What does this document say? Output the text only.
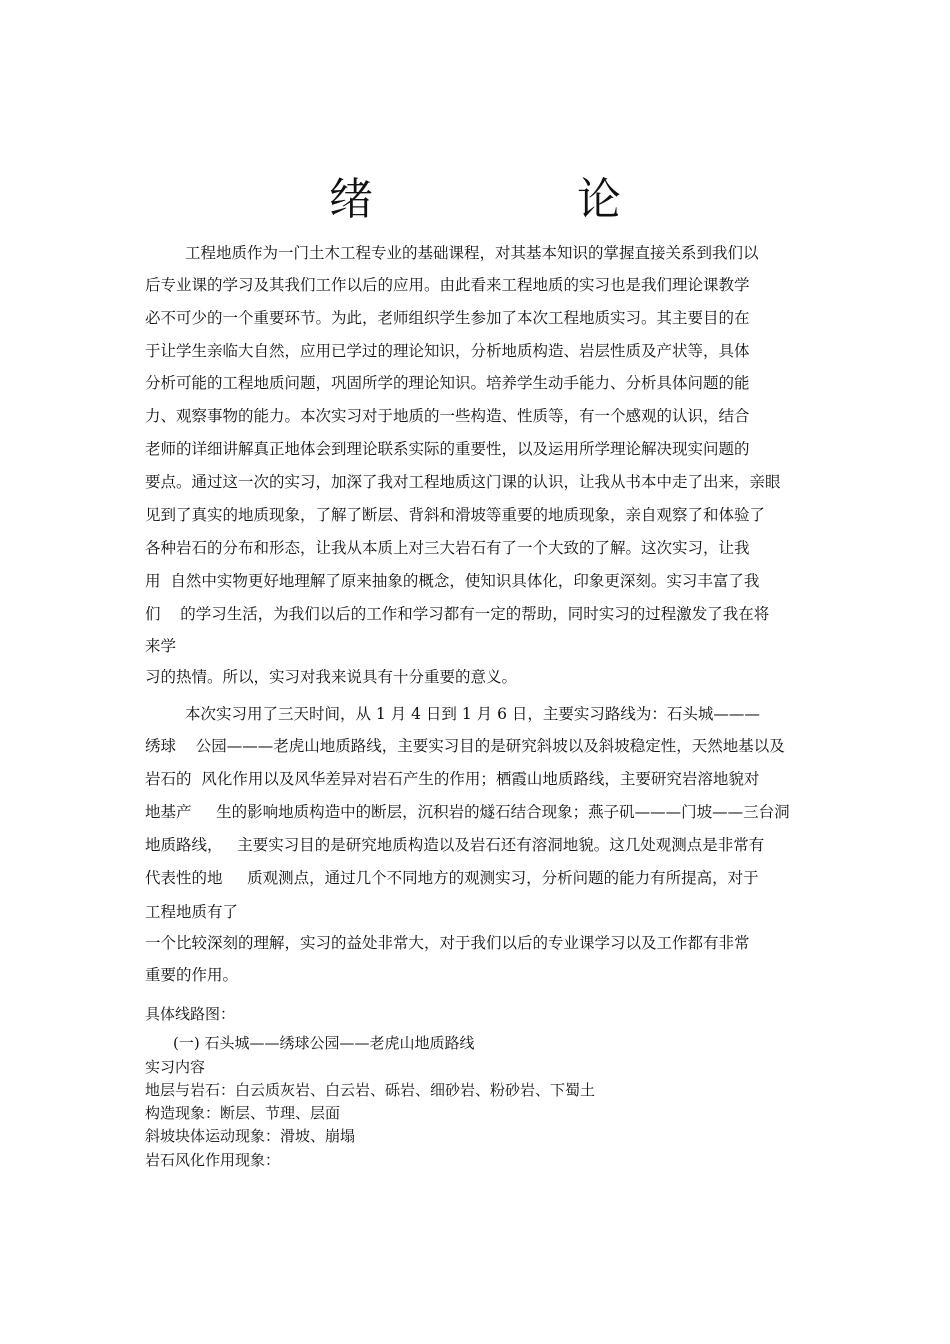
绪　论

工程地质作为一门土木工程专业的基础课程，对其基本知识的掌握直接关系到我们以

后专业课的学习及其我们工作以后的应用。由此看来工程地质的实习也是我们理论课教学

必不可少的一个重要环节。为此，老师组织学生参加了本次工程地质实习。其主要目的在

于让学生亲临大自然，应用已学过的理论知识，分析地质构造、岩层性质及产状等，具体

分析可能的工程地质问题，巩固所学的理论知识。培养学生动手能力、分析具体问题的能

力、观察事物的能力。本次实习对于地质的一些构造、性质等，有一个感观的认识，结合

老师的详细讲解真正地体会到理论联系实际的重要性，以及运用所学理论解决现实问题的

要点。通过这一次的实习，加深了我对工程地质这门课的认识，让我从书本中走了出来，亲眼

见到了真实的地质现象，了解了断层、背斜和滑坡等重要的地质现象，亲自观察了和体验了

各种岩石的分布和形态，让我从本质上对三大岩石有了一个大致的了解。这次实习，让我

用  自然中实物更好地理解了原来抽象的概念，使知识具体化，印象更深刻。实习丰富了我

们    的学习生活，为我们以后的工作和学习都有一定的帮助，同时实习的过程激发了我在将

来学

习的热情。所以，实习对我来说具有十分重要的意义。

本次实习用了三天时间，从 1 月 4 日到 1 月 6 日，主要实习路线为：石头城———

绣球    公园———老虎山地质路线，主要实习目的是研究斜坡以及斜坡稳定性，天然地基以及

岩石的  风化作用以及风华差异对岩石产生的作用；栖霞山地质路线，主要研究岩溶地貌对

地基产     生的影响地质构造中的断层，沉积岩的燧石结合现象；燕子矶———门坡——三台洞

地质路线，   主要实习目的是研究地质构造以及岩石还有溶洞地貌。这几处观测点是非常有

代表性的地     质观测点，通过几个不同地方的观测实习，分析问题的能力有所提高，对于

工程地质有了

一个比较深刻的理解，实习的益处非常大，对于我们以后的专业课学习以及工作都有非常

重要的作用。

具体线路图：

(一) 石头城——绣球公园——老虎山地质路线

实习内容

地层与岩石：白云质灰岩、白云岩、砾岩、细砂岩、粉砂岩、下蜀土

构造现象：断层、节理、层面

斜坡块体运动现象：滑坡、崩塌

岩石风化作用现象：
